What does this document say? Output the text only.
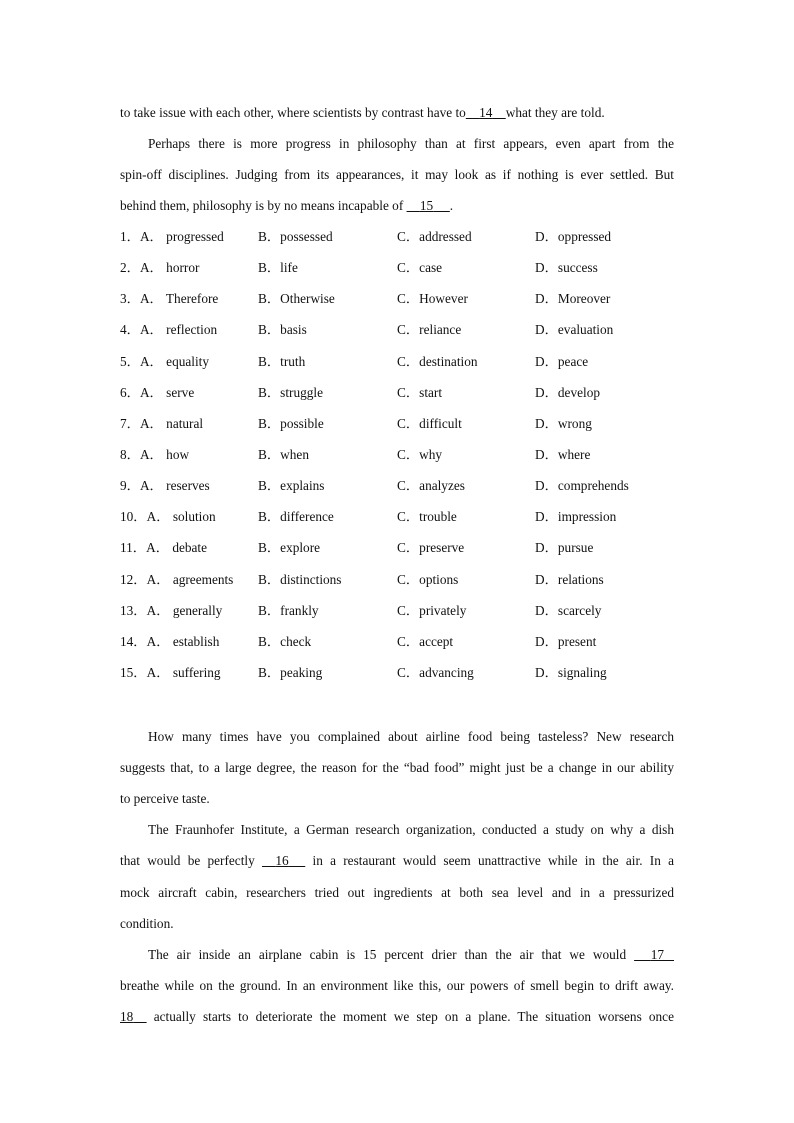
to take issue with each other, where scientists by contrast have to 14 what they are told.
Perhaps there is more progress in philosophy than at first appears, even apart from the
spin-off disciplines. Judging from its appearances, it may look as if nothing is ever settled. But
behind them, philosophy is by no means incapable of 15 .
1．A． progressed	B．possessed	C．addressed	D．oppressed
2．A． horror	B．life	C．case	D．success
3．A． Therefore	B．Otherwise	C．However	D．Moreover
4．A． reflection	B．basis	C．reliance	D．evaluation
5．A． equality	B．truth	C．destination	D．peace
6．A． serve	B．struggle	C．start	D．develop
7．A． natural	B．possible	C．difficult	D．wrong
8．A． how	B．when	C．why	D．where
9．A． reserves	B．explains	C．analyzes	D．comprehends
10．A． solution	B．difference	C．trouble	D．impression
11．A． debate	B．explore	C．preserve	D．pursue
12．A． agreements B．distinctions	C．options	D．relations
13．A． generally	B．frankly	C．privately	D．scarcely
14．A． establish	B．check	C．accept	D．present
15．A． suffering	B．peaking	C．advancing	D．signaling
How many times have you complained about airline food being tasteless? New research
suggests that, to a large degree, the reason for the “bad food” might just be a change in our ability
to perceive taste.
The Fraunhofer Institute, a German research organization, conducted a study on why a dish
that would be perfectly 16 in a restaurant would seem unattractive while in the air. In a
mock aircraft cabin, researchers tried out ingredients at both sea level and in a pressurized
condition.
The air inside an airplane cabin is 15 percent drier than the air that we would 17
breathe while on the ground. In an environment like this, our powers of smell begin to drift away.
18 actually starts to deteriorate the moment we step on a plane. The situation worsens once
